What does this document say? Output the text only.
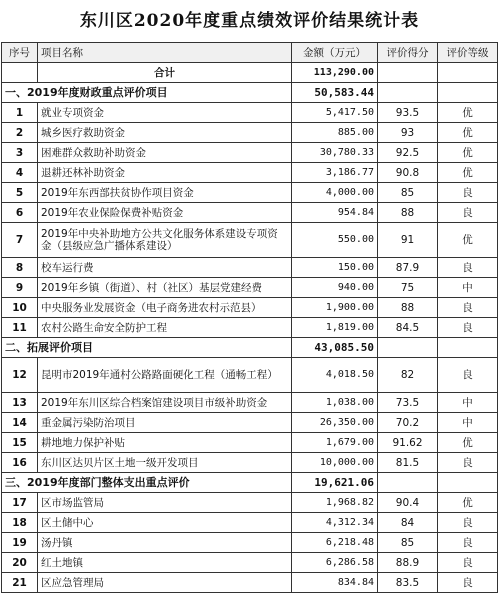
东川区2020年度重点绩效评价结果统计表
序号	项目名称	金额（万元）	评价得分	评价等级
	合计	113,290.00		
一、2019年度财政重点评价项目		50,583.44		
1	就业专项资金	5,417.50	93.5	优
2	城乡医疗救助资金	885.00	93	优
3	困难群众救助补助资金	30,780.33	92.5	优
4	退耕还林补助资金	3,186.77	90.8	优
5	2019年东西部扶贫协作项目资金	4,000.00	85	良
6	2019年农业保险保费补贴资金	954.84	88	良
7	2019年中央补助地方公共文化服务体系建设专项资金（县级应急广播体系建设）	550.00	91	优
8	校车运行费	150.00	87.9	良
9	2019年乡镇（街道）、村（社区）基层党建经费	940.00	75	中
10	中央服务业发展资金（电子商务进农村示范县）	1,900.00	88	良
11	农村公路生命安全防护工程	1,819.00	84.5	良
二、拓展评价项目		43,085.50		
12	昆明市2019年通村公路路面硬化工程（通畅工程）	4,018.50	82	良
13	2019年东川区综合档案馆建设项目市级补助资金	1,038.00	73.5	中
14	重金属污染防治项目	26,350.00	70.2	中
15	耕地地力保护补贴	1,679.00	91.62	优
16	东川区达贝片区土地一级开发项目	10,000.00	81.5	良
三、2019年度部门整体支出重点评价		19,621.06		
17	区市场监管局	1,968.82	90.4	优
18	区土储中心	4,312.34	84	良
19	汤丹镇	6,218.48	85	良
20	红土地镇	6,286.58	88.9	良
21	区应急管理局	834.84	83.5	良
